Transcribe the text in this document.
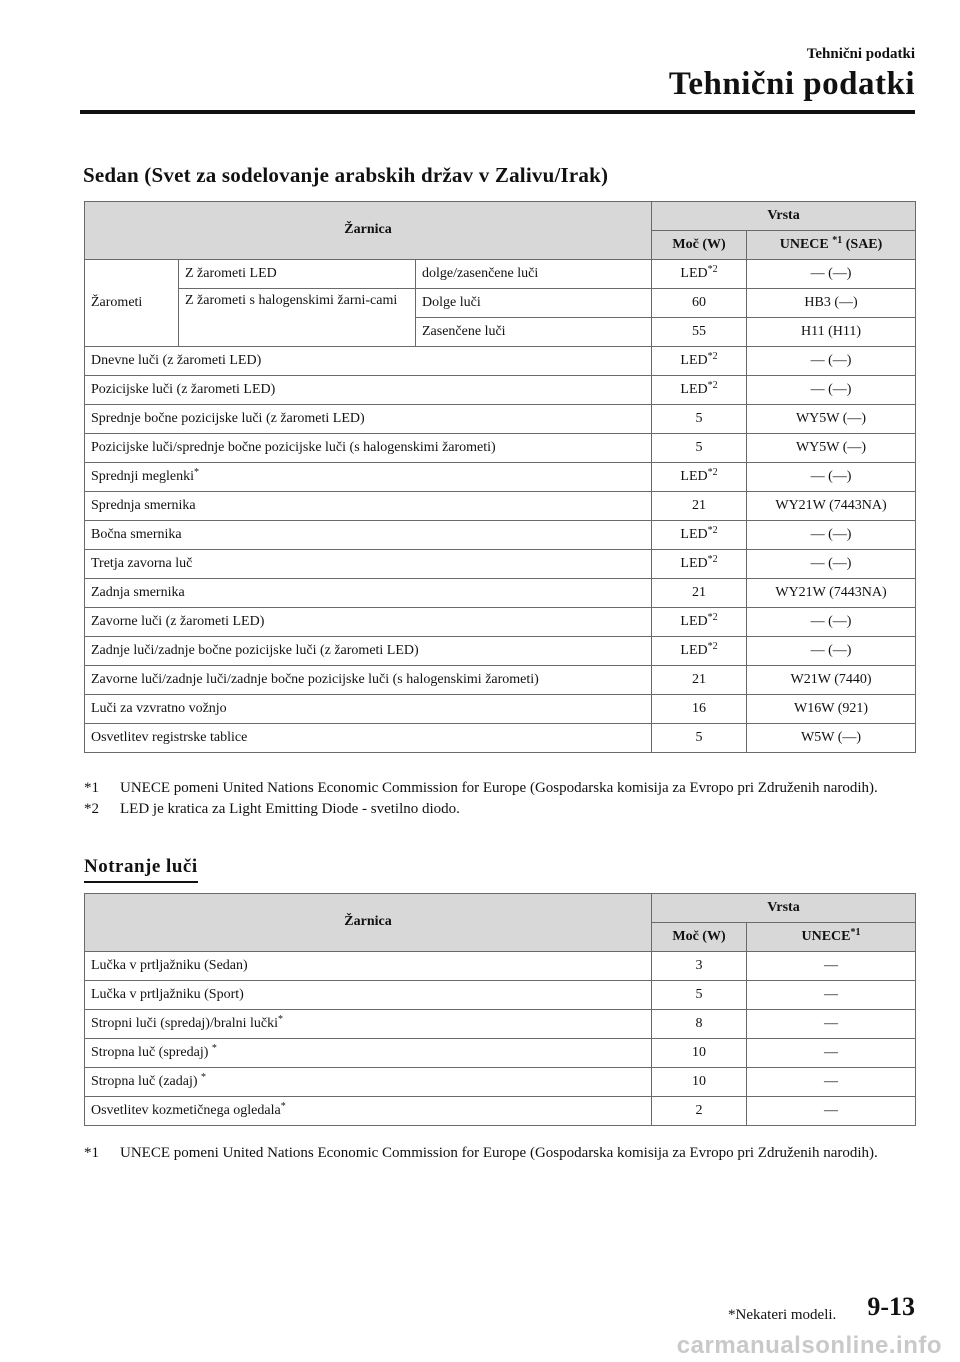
Tehnični podatki
Tehnični podatki
Sedan (Svet za sodelovanje arabskih držav v Zalivu/Irak)
Žarnica			Vrsta	
			Moč (W)	UNECE $^{*1}$ (SAE)
Žarometi	Z žarometi LED	dolge/zasenčene luči	LED$^{*2}$	— (—)
	Z žarometi s halogenskimi žarni-cami	Dolge luči	60	HB3 (—)
		Zasenčene luči	55	H11 (H11)
Dnevne luči (z žarometi LED)			LED$^{*2}$	— (—)
Pozicijske luči (z žarometi LED)			LED$^{*2}$	— (—)
Sprednje bočne pozicijske luči (z žarometi LED)			5	WY5W (—)
Pozicijske luči/sprednje bočne pozicijske luči (s halogenskimi žarometi)			5	WY5W (—)
Sprednji meglenki*			LED$^{*2}$	— (—)
Sprednja smernika			21	WY21W (7443NA)
Bočna smernika			LED$^{*2}$	— (—)
Tretja zavorna luč			LED$^{*2}$	— (—)
Zadnja smernika			21	WY21W (7443NA)
Zavorne luči (z žarometi LED)			LED$^{*2}$	— (—)
Zadnje luči/zadnje bočne pozicijske luči (z žarometi LED)			LED$^{*2}$	— (—)
Zavorne luči/zadnje luči/zadnje bočne pozicijske luči (s halogenskimi žarometi)			21	W21W (7440)
Luči za vzvratno vožnjo			16	W16W (921)
Osvetlitev registrske tablice			5	W5W (—)
*1 UNECE pomeni United Nations Economic Commission for Europe (Gospodarska komisija za Evropo pri Združenih narodih).
*2 LED je kratica za Light Emitting Diode - svetilno diodo.
Notranje luči
Žarnica	Vrsta	
	Moč (W)	UNECE$^{*1}$
Lučka v prtljažniku (Sedan)	3	—
Lučka v prtljažniku (Sport)	5	—
Stropni luči (spredaj)/bralni lučki*	8	—
Stropna luč (spredaj) *	10	—
Stropna luč (zadaj) *	10	—
Osvetlitev kozmetičnega ogledala*	2	—
*1 UNECE pomeni United Nations Economic Commission for Europe (Gospodarska komisija za Evropo pri Združenih narodih).
*Nekateri modeli. 9-13
carmanualsonline.info
